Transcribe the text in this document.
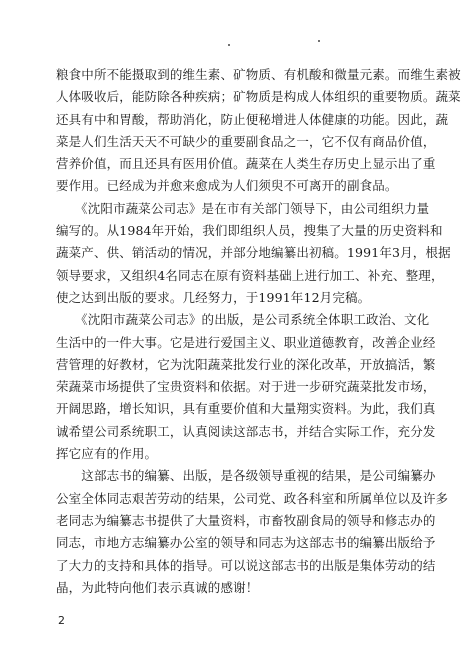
粮食中所不能摄取到的维生素、矿物质、有机酸和微量元素。而维生素被
人体吸收后，能防除各种疾病；矿物质是构成人体组织的重要物质。蔬菜
还具有中和胃酸，帮助消化，防止便秘增进人体健康的功能。因此，蔬
菜是人们生活天天不可缺少的重要副食品之一，它不仅有商品价值，
营养价值，而且还具有医用价值。蔬菜在人类生存历史上显示出了重
要作用。已经成为并愈来愈成为人们须臾不可离开的副食品。
　　《沈阳市蔬菜公司志》是在市有关部门领导下，由公司组织力量
编写的。从1984年开始，我们即组织人员，搜集了大量的历史资料和
蔬菜产、供、销活动的情况，并部分地编纂出初稿。1991年3月，根据
领导要求，又组织4名同志在原有资料基础上进行加工、补充、整理，
使之达到出版的要求。几经努力，于1991年12月完稿。
　　《沈阳市蔬菜公司志》的出版，是公司系统全体职工政治、文化
生活中的一件大事。它是进行爱国主义、职业道德教育，改善企业经
营管理的好教材，它为沈阳蔬菜批发行业的深化改革，开放搞活，繁
荣蔬菜市场提供了宝贵资料和依据。对于进一步研究蔬菜批发市场，
开阔思路，增长知识，具有重要价值和大量翔实资料。为此，我们真
诚希望公司系统职工，认真阅读这部志书，并结合实际工作，充分发
挥它应有的作用。
　　这部志书的编纂、出版，是各级领导重视的结果，是公司编纂办
公室全体同志艰苦劳动的结果，公司党、政各科室和所属单位以及许多
老同志为编纂志书提供了大量资料，市畜牧副食局的领导和修志办的
同志，市地方志编纂办公室的领导和同志为这部志书的编纂出版给予
了大力的支持和具体的指导。可以说这部志书的出版是集体劳动的结
晶，为此特向他们表示真诚的感谢！
2
